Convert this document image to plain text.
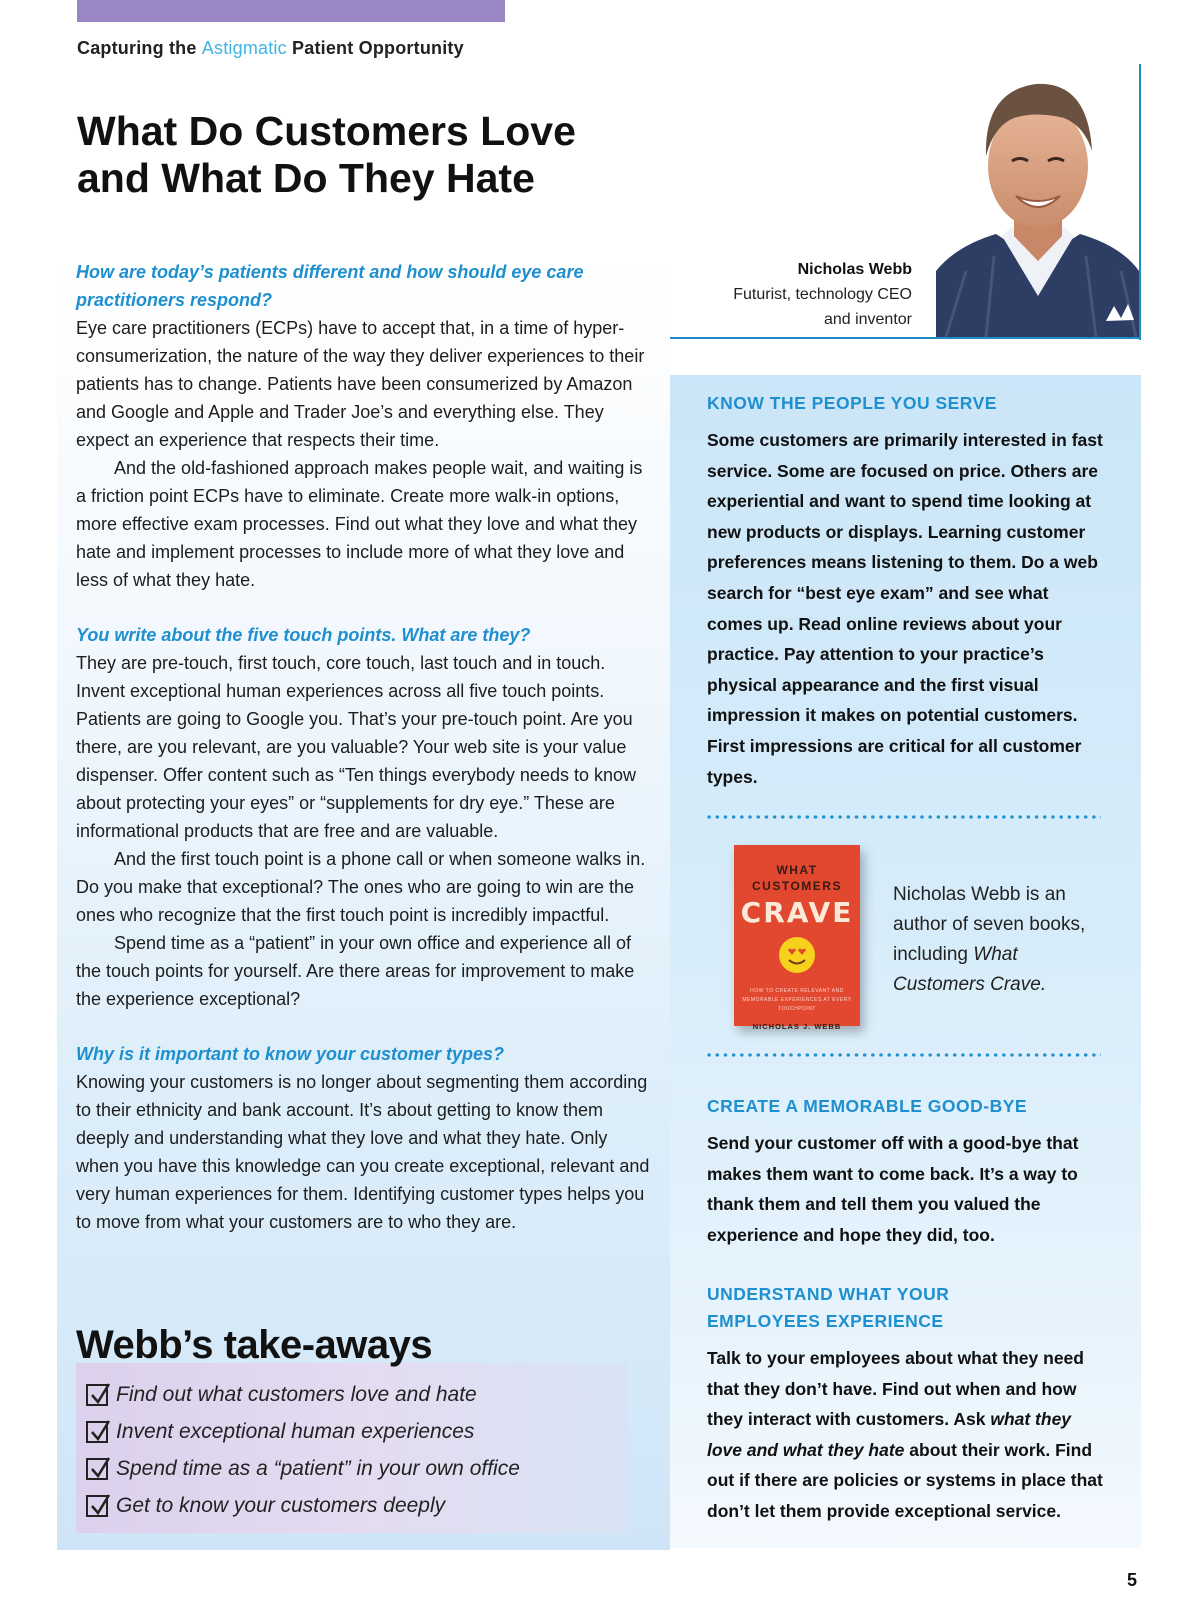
Capturing the Astigmatic Patient Opportunity
What Do Customers Love and What Do They Hate
Nicholas Webb
Futurist, technology CEO
and inventor

How are today’s patients different and how should eye care practitioners respond?

Eye care practitioners (ECPs) have to accept that, in a time of hyper-consumerization, the nature of the way they deliver experiences to their patients has to change. Patients have been consumerized by Amazon and Google and Apple and Trader Joe’s and everything else. They expect an experience that respects their time.

And the old-fashioned approach makes people wait, and waiting is a friction point ECPs have to eliminate. Create more walk-in options, more effective exam processes. Find out what they love and what they hate and implement processes to include more of what they love and less of what they hate.

You write about the five touch points. What are they?

They are pre-touch, first touch, core touch, last touch and in touch. Invent exceptional human experiences across all five touch points. Patients are going to Google you. That’s your pre-touch point. Are you there, are you relevant, are you valuable? Your web site is your value dispenser. Offer content such as “Ten things everybody needs to know about protecting your eyes” or “supplements for dry eye.” These are informational products that are free and are valuable.

And the first touch point is a phone call or when someone walks in. Do you make that exceptional? The ones who are going to win are the ones who recognize that the first touch point is incredibly impactful.

Spend time as a “patient” in your own office and experience all of the touch points for yourself. Are there areas for improvement to make the experience exceptional?

Why is it important to know your customer types?

Knowing your customers is no longer about segmenting them according to their ethnicity and bank account. It’s about getting to know them deeply and understanding what they love and what they hate. Only when you have this knowledge can you create exceptional, relevant and very human experiences for them. Identifying customer types helps you to move from what your customers are to who they are.

Webb’s take-aways
Find out what customers love and hate
Invent exceptional human experiences
Spend time as a “patient” in your own office
Get to know your customers deeply
KNOW THE PEOPLE YOU SERVE
Some customers are primarily interested in fast service. Some are focused on price. Others are experiential and want to spend time looking at new products or displays. Learning customer preferences means listening to them. Do a web search for “best eye exam” and see what comes up. Read online reviews about your practice. Pay attention to your practice’s physical appearance and the first visual impression it makes on potential customers. First impressions are critical for all customer types.
WHAT CUSTOMERS
CRAVE
HOW TO CREATE RELEVANT AND MEMORABLE EXPERIENCES AT EVERY TOUCHPOINT
NICHOLAS J. WEBB
Nicholas Webb is an author of seven books, including What Customers Crave.
CREATE A MEMORABLE GOOD-BYE
Send your customer off with a good-bye that makes them want to come back. It’s a way to thank them and tell them you valued the experience and hope they did, too.
UNDERSTAND WHAT YOUR EMPLOYEES EXPERIENCE
Talk to your employees about what they need that they don’t have. Find out when and how they interact with customers. Ask what they love and what they hate about their work. Find out if there are policies or systems in place that don’t let them provide exceptional service.
5
